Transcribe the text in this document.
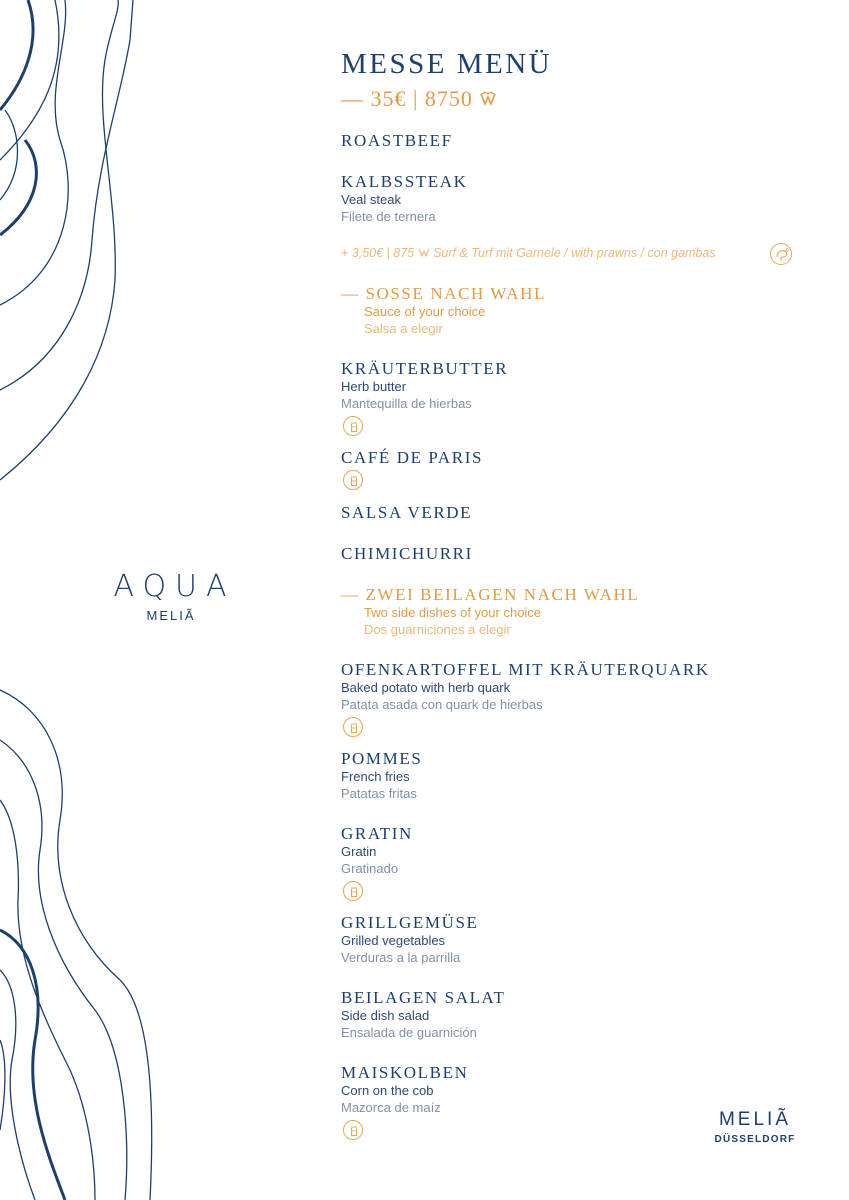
AQUA
MELIÃ
MELIÃ
DÜSSELDORF
MESSE MENÜ
— 35€ | 8750
ROASTBEEF
KALBSSTEAK
Veal steak
Filete de ternera
+ 3,50€ | 875 Surf & Turf mit Garnele / with prawns / con gambas
— SOSSE NACH WAHL
Sauce of your choice
Salsa a elegir
KRÄUTERBUTTER
Herb butter
Mantequilla de hierbas
CAFÉ DE PARIS
SALSA VERDE
CHIMICHURRI
— ZWEI BEILAGEN NACH WAHL
Two side dishes of your choice
Dos guarniciones a elegir
OFENKARTOFFEL MIT KRÄUTERQUARK
Baked potato with herb quark
Patata asada con quark de hierbas
POMMES
French fries
Patatas fritas
GRATIN
Gratin
Gratinado
GRILLGEMÜSE
Grilled vegetables
Verduras a la parrilla
BEILAGEN SALAT
Side dish salad
Ensalada de guarnición
MAISKOLBEN
Corn on the cob
Mazorca de maíz
